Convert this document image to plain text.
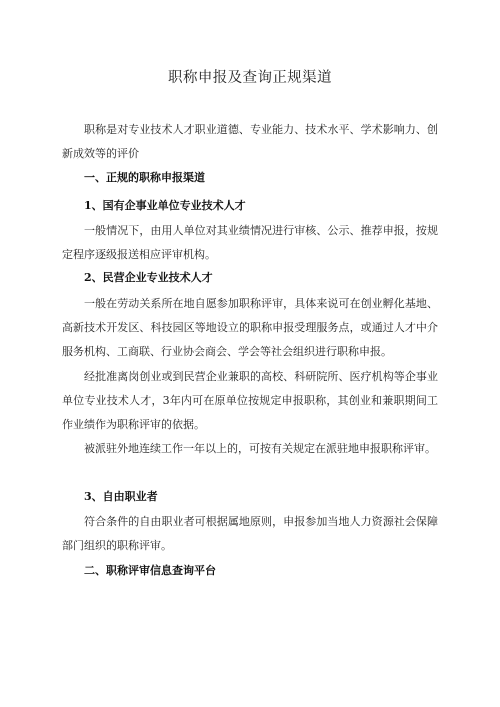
职称申报及查询正规渠道

职称是对专业技术人才职业道德、专业能力、技术水平、学术影响力、创新成效等的评价

一、正规的职称申报渠道

1、国有企事业单位专业技术人才

一般情况下，由用人单位对其业绩情况进行审核、公示、推荐申报，按规定程序逐级报送相应评审机构。

2、民营企业专业技术人才

一般在劳动关系所在地自愿参加职称评审，具体来说可在创业孵化基地、高新技术开发区、科技园区等地设立的职称申报受理服务点，或通过人才中介服务机构、工商联、行业协会商会、学会等社会组织进行职称申报。

经批准离岗创业或到民营企业兼职的高校、科研院所、医疗机构等企事业单位专业技术人才，3年内可在原单位按规定申报职称，其创业和兼职期间工作业绩作为职称评审的依据。

被派驻外地连续工作一年以上的，可按有关规定在派驻地申报职称评审。

3、自由职业者

符合条件的自由职业者可根据属地原则，申报参加当地人力资源社会保障部门组织的职称评审。

二、职称评审信息查询平台
